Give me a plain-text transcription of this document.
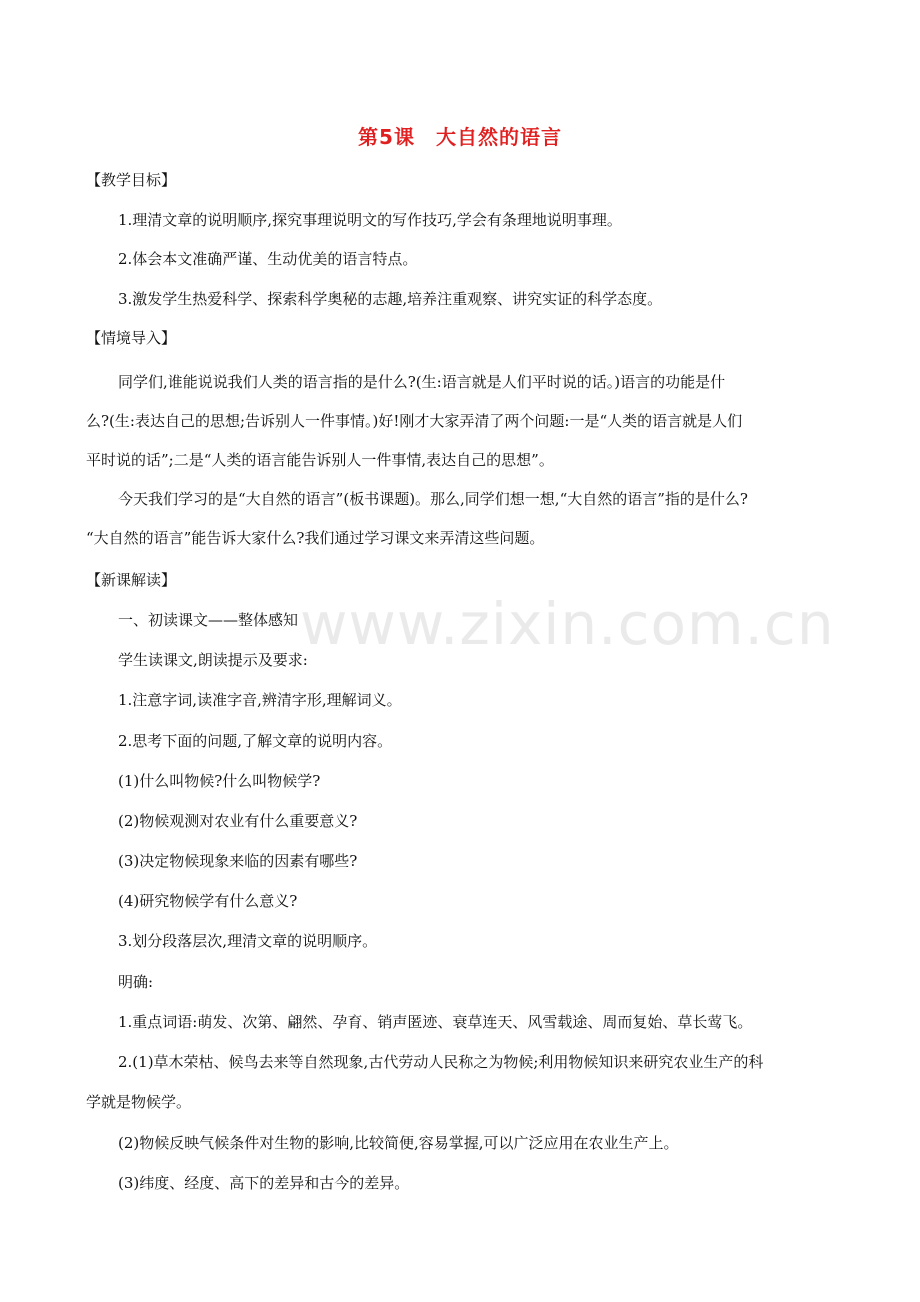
第5课　大自然的语言
www.zixin.com.cn
【教学目标】
1.理清文章的说明顺序,探究事理说明文的写作技巧,学会有条理地说明事理。
2.体会本文准确严谨、生动优美的语言特点。
3.激发学生热爱科学、探索科学奥秘的志趣,培养注重观察、讲究实证的科学态度。
【情境导入】
同学们,谁能说说我们人类的语言指的是什么?(生:语言就是人们平时说的话。)语言的功能是什
么?(生:表达自己的思想;告诉别人一件事情。)好!刚才大家弄清了两个问题:一是“人类的语言就是人们
平时说的话”;二是“人类的语言能告诉别人一件事情,表达自己的思想”。
今天我们学习的是“大自然的语言”(板书课题)。那么,同学们想一想,“大自然的语言”指的是什么?
“大自然的语言”能告诉大家什么?我们通过学习课文来弄清这些问题。
【新课解读】
一、初读课文——整体感知
学生读课文,朗读提示及要求:
1.注意字词,读准字音,辨清字形,理解词义。
2.思考下面的问题,了解文章的说明内容。
(1)什么叫物候?什么叫物候学?
(2)物候观测对农业有什么重要意义?
(3)决定物候现象来临的因素有哪些?
(4)研究物候学有什么意义?
3.划分段落层次,理清文章的说明顺序。
明确:
1.重点词语:萌发、次第、翩然、孕育、销声匿迹、衰草连天、风雪载途、周而复始、草长莺飞。
2.(1)草木荣枯、候鸟去来等自然现象,古代劳动人民称之为物候;利用物候知识来研究农业生产的科
学就是物候学。
(2)物候反映气候条件对生物的影响,比较简便,容易掌握,可以广泛应用在农业生产上。
(3)纬度、经度、高下的差异和古今的差异。
